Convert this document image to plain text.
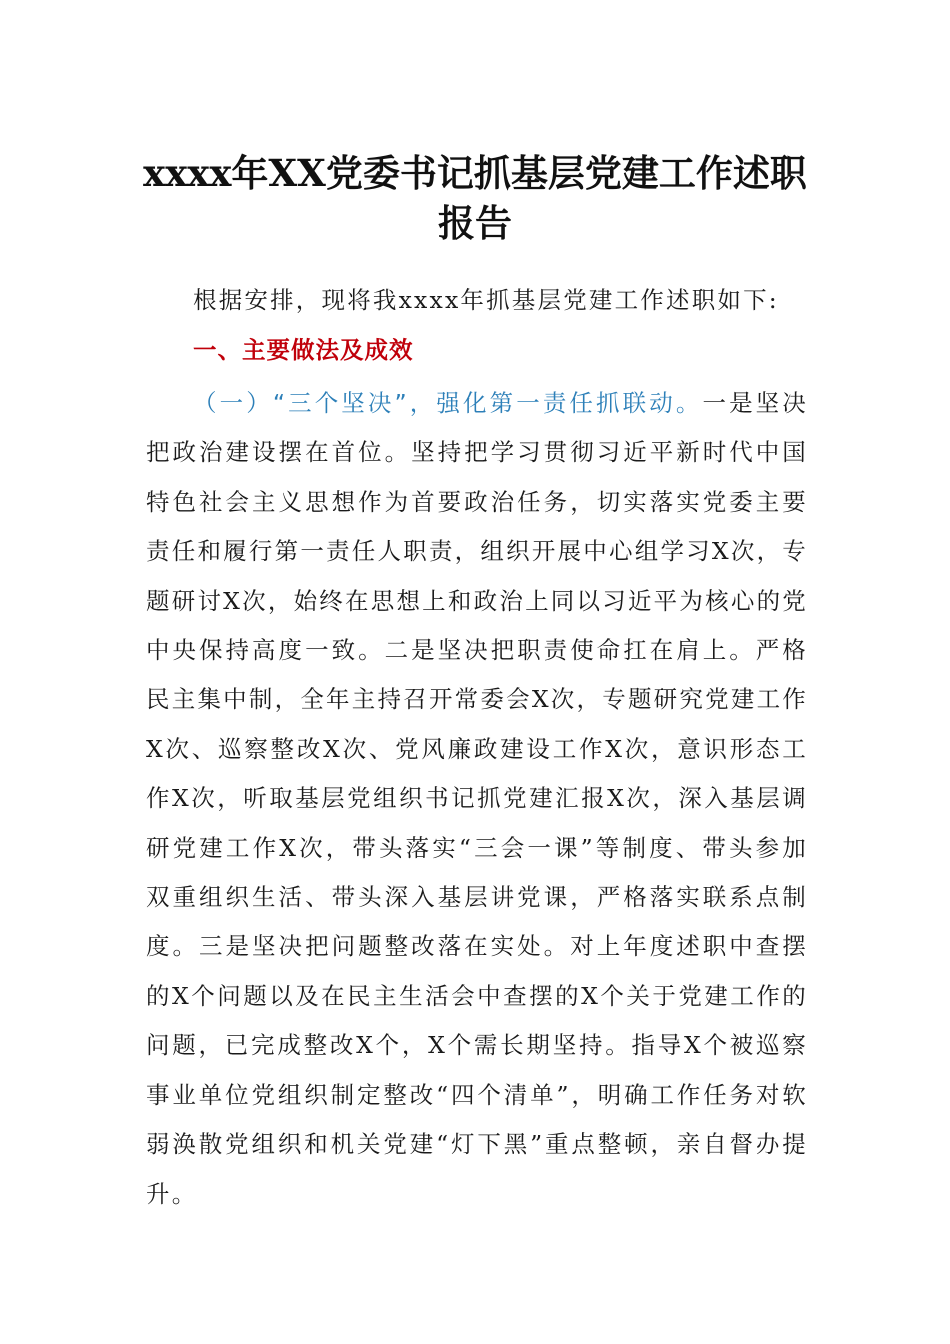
xxxx年XX党委书记抓基层党建工作述职
报告

根据安排，现将我xxxx年抓基层党建工作述职如下:

一、主要做法及成效

（一）“三个坚决”，强化第一责任抓联动。一是坚决把政治建设摆在首位。坚持把学习贯彻习近平新时代中国特色社会主义思想作为首要政治任务，切实落实党委主要责任和履行第一责任人职责，组织开展中心组学习X次，专题研讨X次，始终在思想上和政治上同以习近平为核心的党中央保持高度一致。二是坚决把职责使命扛在肩上。严格民主集中制，全年主持召开常委会X次，专题研究党建工作X次、巡察整改X次、党风廉政建设工作X次，意识形态工作X次，听取基层党组织书记抓党建汇报X次，深入基层调研党建工作X次，带头落实“三会一课”等制度、带头参加双重组织生活、带头深入基层讲党课，严格落实联系点制度。三是坚决把问题整改落在实处。对上年度述职中查摆的X个问题以及在民主生活会中查摆的X个关于党建工作的问题，已完成整改X个，X个需长期坚持。指导X个被巡察事业单位党组织制定整改“四个清单”，明确工作任务对软弱涣散党组织和机关党建“灯下黑”重点整顿，亲自督办提升。
